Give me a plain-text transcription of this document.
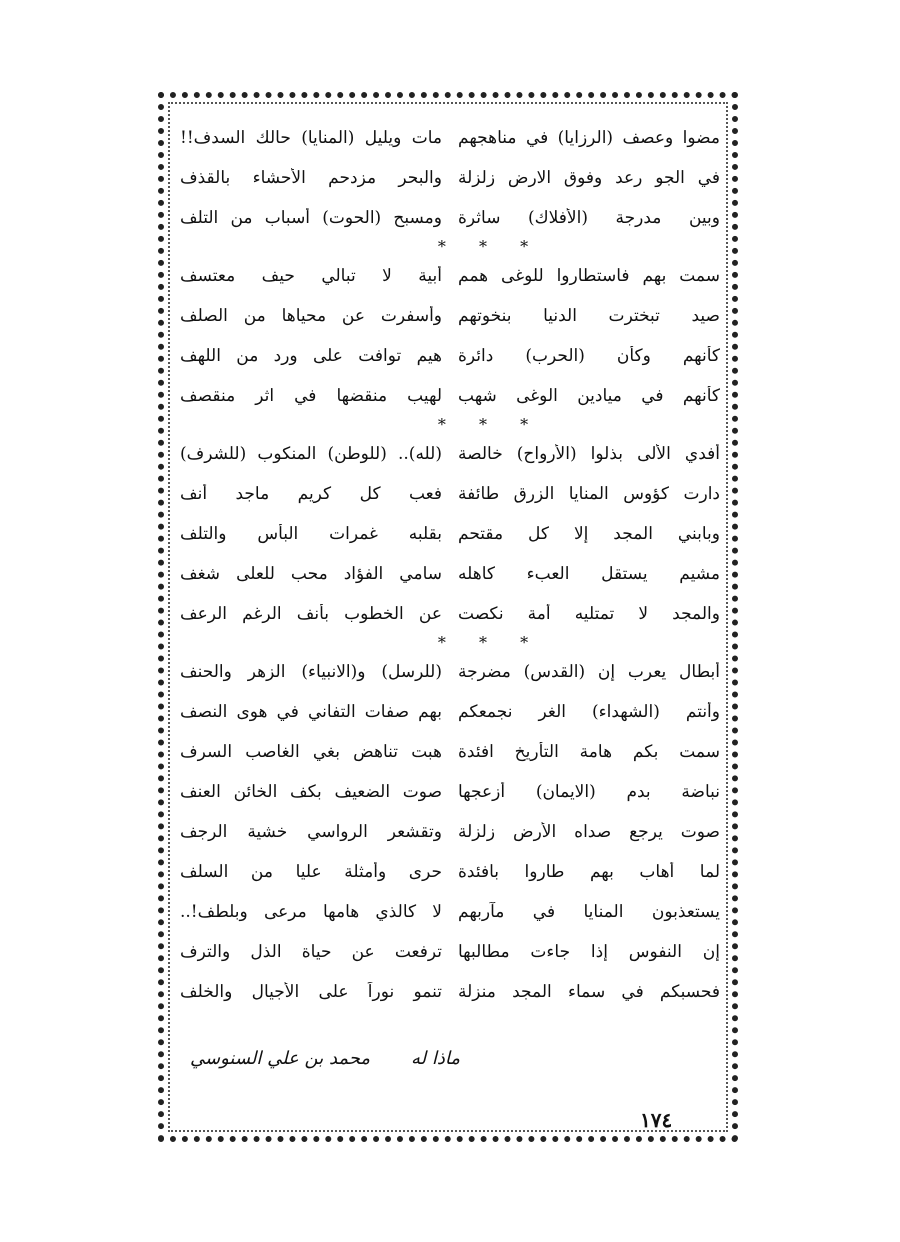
مضوا وعصف (الرزايا) في مناهجهم
مات ويليل (المنايا) حالك السدف!!
في الجو رعد وفوق الارض زلزلة
والبحر مزدحم الأحشاء بالقذف
وبين مدرجة (الأفلاك) ساثرة
ومسبح (الحوت) أسباب من التلف
* * *
سمت بهم فاستطاروا للوغى همم
أبية لا تبالي حيف معتسف
صيد تبخترت الدنيا بنخوتهم
وأسفرت عن محياها من الصلف
كأنهم وكأن (الحرب) دائرة
هيم توافت على ورد من اللهف
كأنهم في ميادين الوغى شهب
لهيب منقضها في اثر منقصف
* * *
أفدي الأُلى بذلوا (الأرواح) خالصة
(لله).. (للوطن) المنكوب (للشرف)
دارت كؤوس المنايا الزرق طائفة
فعب كل كريم ماجد أنف
وبابني المجد إلا كل مقتحم
بقلبه غمرات البأس والتلف
مشيم يستقل العبء كاهله
سامي الفؤاد محب للعلى شغف
والمجد لا تمتليه أمة نكصت
عن الخطوب بأنف الرغم الرعف
* * *
أبطال يعرب إن (القدس) مضرجة
(للرسل) و(الانبياء) الزهر والحنف
وأنتم (الشهداء) الغر نجمعكم
بهم صفات التفاني في هوى النصف
سمت بكم هامة التأريخ افئدة
هبت تناهض بغي الغاصب السرف
نباضة بدم (الايمان) أزعجها
صوت الضعيف بكف الخائن العنف
صوت يرجع صداه الأرض زلزلة
وتقشعر الرواسي خشية الرجف
لما أهاب بهم طاروا بافئدة
حرى وأمثلة عليا من السلف
يستعذبون المنايا في مآربهم
لا كالذي هامها مرعى وبلطف!..
إن النفوس إذا جاءت مطالبها
ترفعت عن حياة الذل والترف
فحسبكم في سماء المجد منزلة
تنمو نوراً على الأجيال والخلف
ماذا له
محمد بن علي السنوسي
١٧٤
